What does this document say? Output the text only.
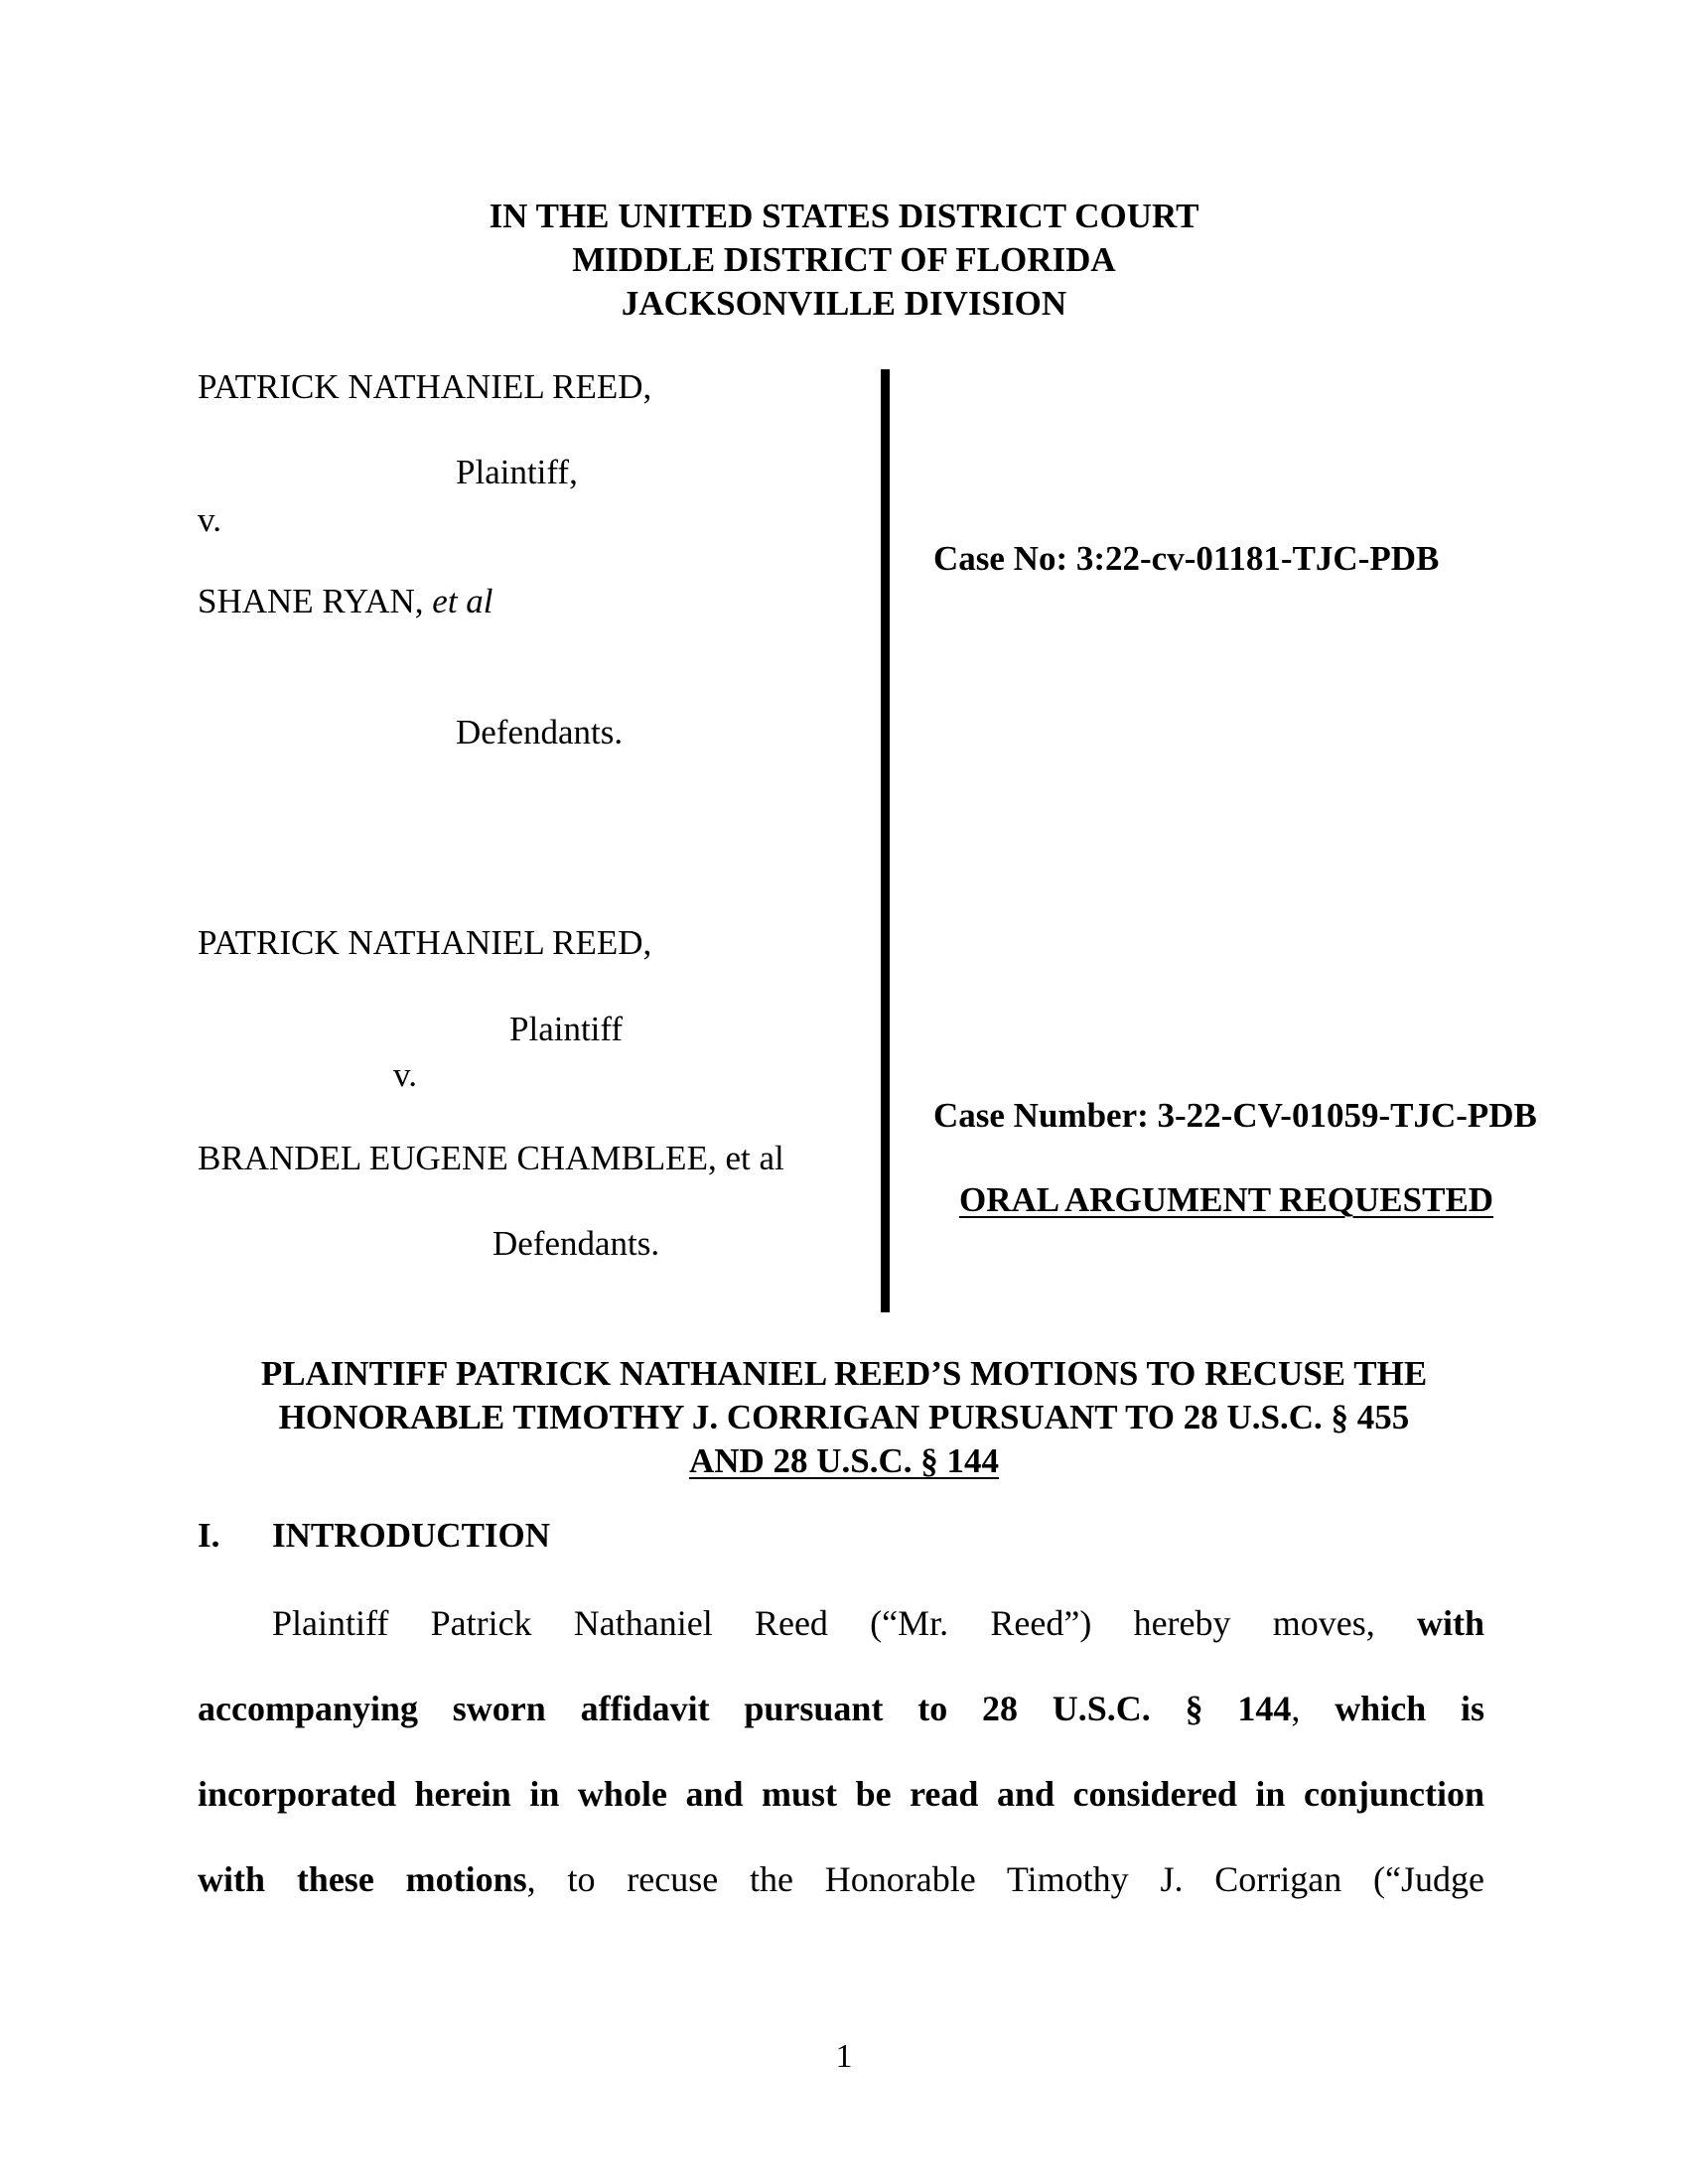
IN THE UNITED STATES DISTRICT COURT
MIDDLE DISTRICT OF FLORIDA
JACKSONVILLE DIVISION
PATRICK NATHANIEL REED,
Plaintiff,
v.
SHANE RYAN, et al
Defendants.
Case No: 3:22-cv-01181-TJC-PDB
PATRICK NATHANIEL REED,
Plaintiff
v.
BRANDEL EUGENE CHAMBLEE, et al
Defendants.
Case Number: 3-22-CV-01059-TJC-PDB
ORAL ARGUMENT REQUESTED
PLAINTIFF PATRICK NATHANIEL REED’S MOTIONS TO RECUSE THE
HONORABLE TIMOTHY J. CORRIGAN PURSUANT TO 28 U.S.C. § 455
AND 28 U.S.C. § 144
I. INTRODUCTION
Plaintiff Patrick Nathaniel Reed (“Mr. Reed”) hereby moves, with
accompanying sworn affidavit pursuant to 28 U.S.C. § 144, which is
incorporated herein in whole and must be read and considered in conjunction
with these motions, to recuse the Honorable Timothy J. Corrigan (“Judge
1
